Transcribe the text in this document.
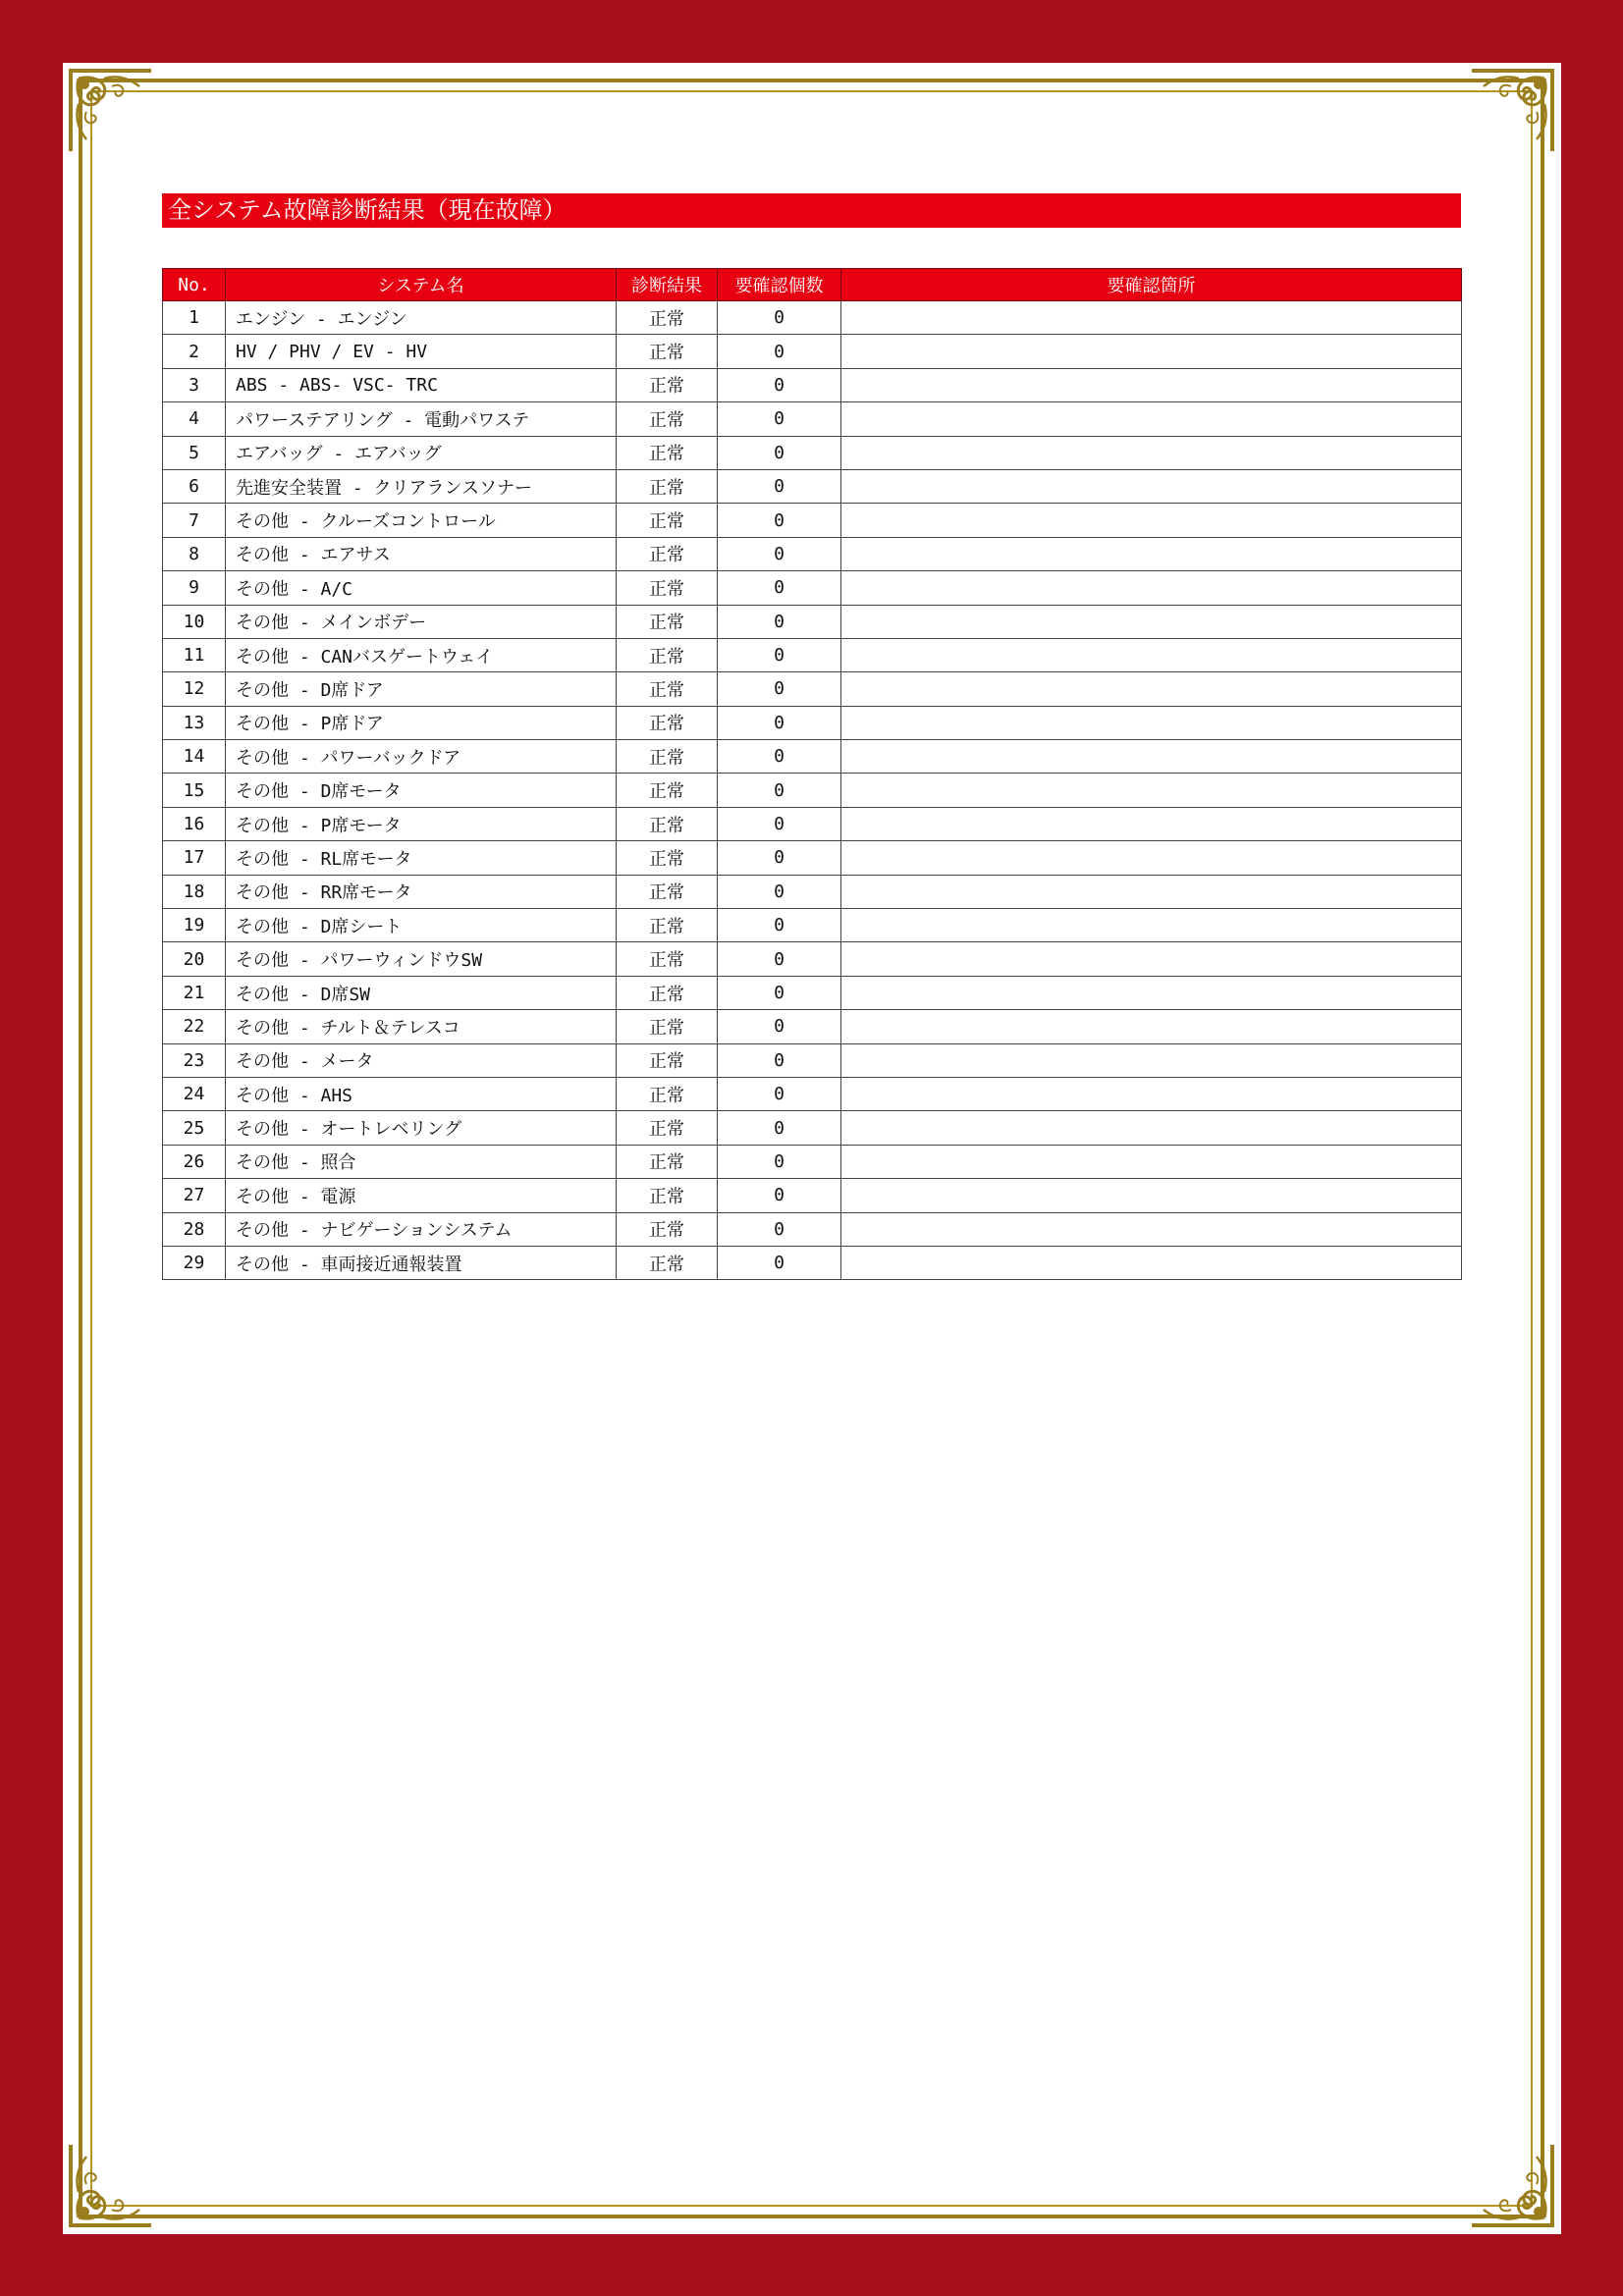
全システム故障診断結果（現在故障）
No.	システム名	診断結果	要確認個数	要確認箇所
1	エンジン - エンジン	正常	0	
2	HV / PHV / EV - HV	正常	0	
3	ABS - ABS- VSC- TRC	正常	0	
4	パワーステアリング - 電動パワステ	正常	0	
5	エアバッグ - エアバッグ	正常	0	
6	先進安全装置 - クリアランスソナー	正常	0	
7	その他 - クルーズコントロール	正常	0	
8	その他 - エアサス	正常	0	
9	その他 - A/C	正常	0	
10	その他 - メインボデー	正常	0	
11	その他 - CANバスゲートウェイ	正常	0	
12	その他 - D席ドア	正常	0	
13	その他 - P席ドア	正常	0	
14	その他 - パワーバックドア	正常	0	
15	その他 - D席モータ	正常	0	
16	その他 - P席モータ	正常	0	
17	その他 - RL席モータ	正常	0	
18	その他 - RR席モータ	正常	0	
19	その他 - D席シート	正常	0	
20	その他 - パワーウィンドウSW	正常	0	
21	その他 - D席SW	正常	0	
22	その他 - チルト＆テレスコ	正常	0	
23	その他 - メータ	正常	0	
24	その他 - AHS	正常	0	
25	その他 - オートレベリング	正常	0	
26	その他 - 照合	正常	0	
27	その他 - 電源	正常	0	
28	その他 - ナビゲーションシステム	正常	0	
29	その他 - 車両接近通報装置	正常	0	
